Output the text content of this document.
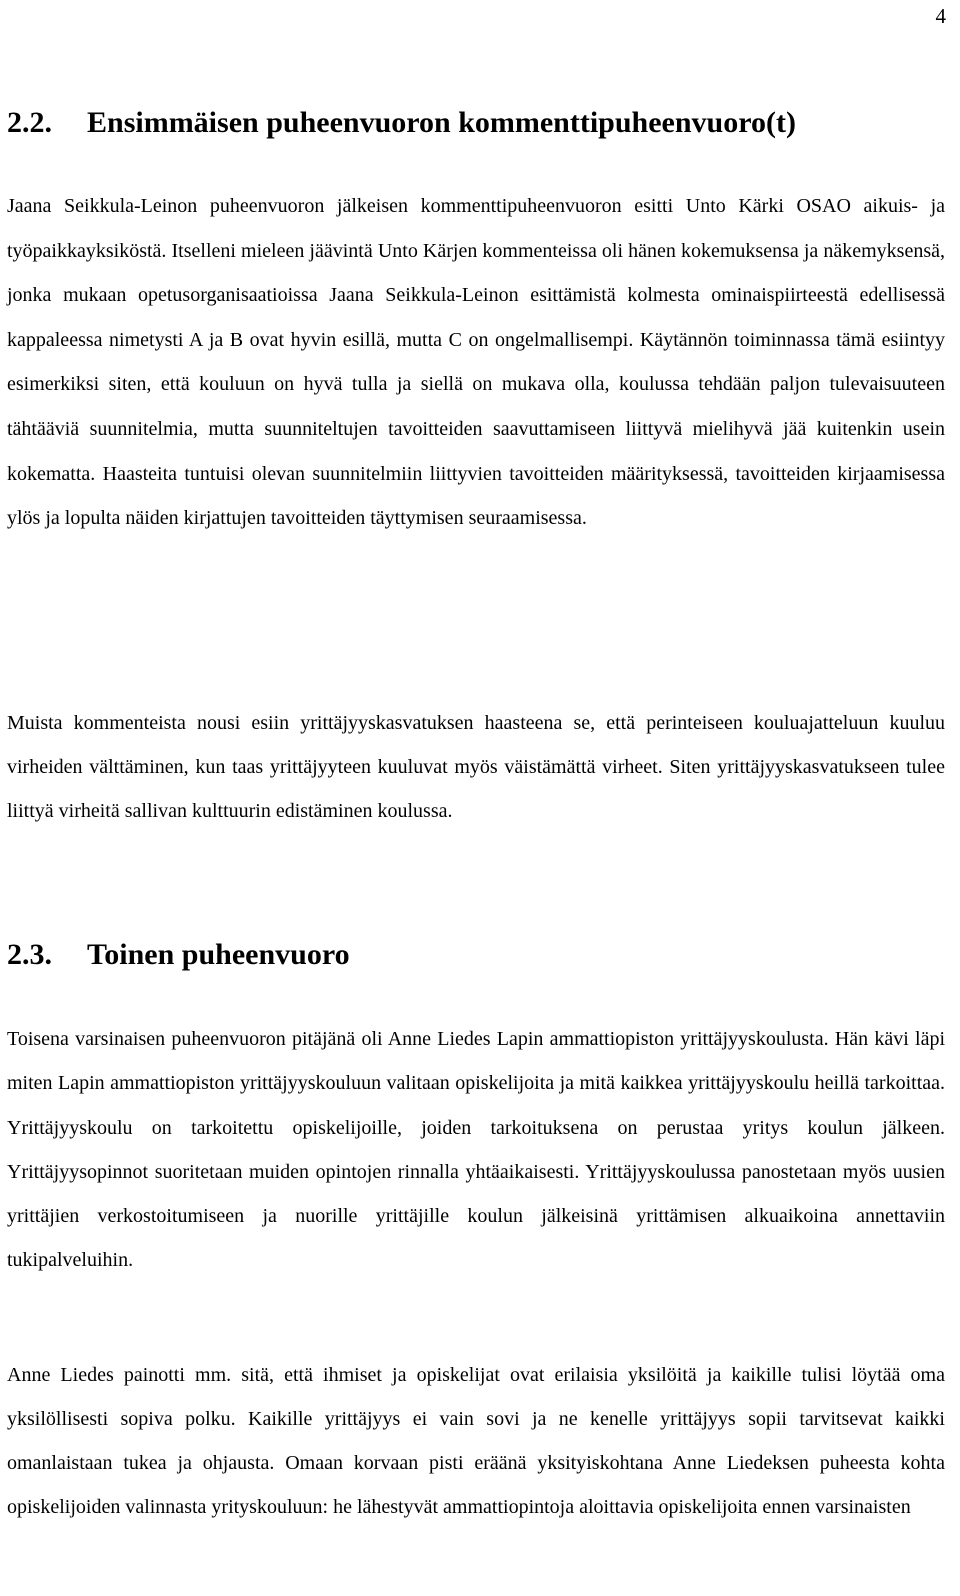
4
2.2. Ensimmäisen puheenvuoron kommenttipuheenvuoro(t)

Jaana Seikkula-Leinon puheenvuoron jälkeisen kommenttipuheenvuoron esitti Unto Kärki OSAO aikuis- ja työpaikkayksiköstä. Itselleni mieleen jäävintä Unto Kärjen kommenteissa oli hänen kokemuksensa ja näkemyksensä, jonka mukaan opetusorganisaatioissa Jaana Seikkula-Leinon esittämistä kolmesta ominaispiirteestä edellisessä kappaleessa nimetysti A ja B ovat hyvin esillä, mutta C on ongelmallisempi. Käytännön toiminnassa tämä esiintyy esimerkiksi siten, että kouluun on hyvä tulla ja siellä on mukava olla, koulussa tehdään paljon tulevaisuuteen tähtääviä suunnitelmia, mutta suunniteltujen tavoitteiden saavuttamiseen liittyvä mielihyvä jää kuitenkin usein kokematta. Haasteita tuntuisi olevan suunnitelmiin liittyvien tavoitteiden määrityksessä, tavoitteiden kirjaamisessa ylös ja lopulta näiden kirjattujen tavoitteiden täyttymisen seuraamisessa.

Muista kommenteista nousi esiin yrittäjyyskasvatuksen haasteena se, että perinteiseen kouluajatteluun kuuluu virheiden välttäminen, kun taas yrittäjyyteen kuuluvat myös väistämättä virheet. Siten yrittäjyyskasvatukseen tulee liittyä virheitä sallivan kulttuurin edistäminen koulussa.

2.3. Toinen puheenvuoro

Toisena varsinaisen puheenvuoron pitäjänä oli Anne Liedes Lapin ammattiopiston yrittäjyyskoulusta. Hän kävi läpi miten Lapin ammattiopiston yrittäjyyskouluun valitaan opiskelijoita ja mitä kaikkea yrittäjyyskoulu heillä tarkoittaa. Yrittäjyyskoulu on tarkoitettu opiskelijoille, joiden tarkoituksena on perustaa yritys koulun jälkeen. Yrittäjyysopinnot suoritetaan muiden opintojen rinnalla yhtäaikaisesti. Yrittäjyyskoulussa panostetaan myös uusien yrittäjien verkostoitumiseen ja nuorille yrittäjille koulun jälkeisinä yrittämisen alkuaikoina annettaviin tukipalveluihin.

Anne Liedes painotti mm. sitä, että ihmiset ja opiskelijat ovat erilaisia yksilöitä ja kaikille tulisi löytää oma yksilöllisesti sopiva polku. Kaikille yrittäjyys ei vain sovi ja ne kenelle yrittäjyys sopii tarvitsevat kaikki omanlaistaan tukea ja ohjausta. Omaan korvaan pisti eräänä yksityiskohtana Anne Liedeksen puheesta kohta opiskelijoiden valinnasta yrityskouluun: he lähestyvät ammattiopintoja aloittavia opiskelijoita ennen varsinaisten
